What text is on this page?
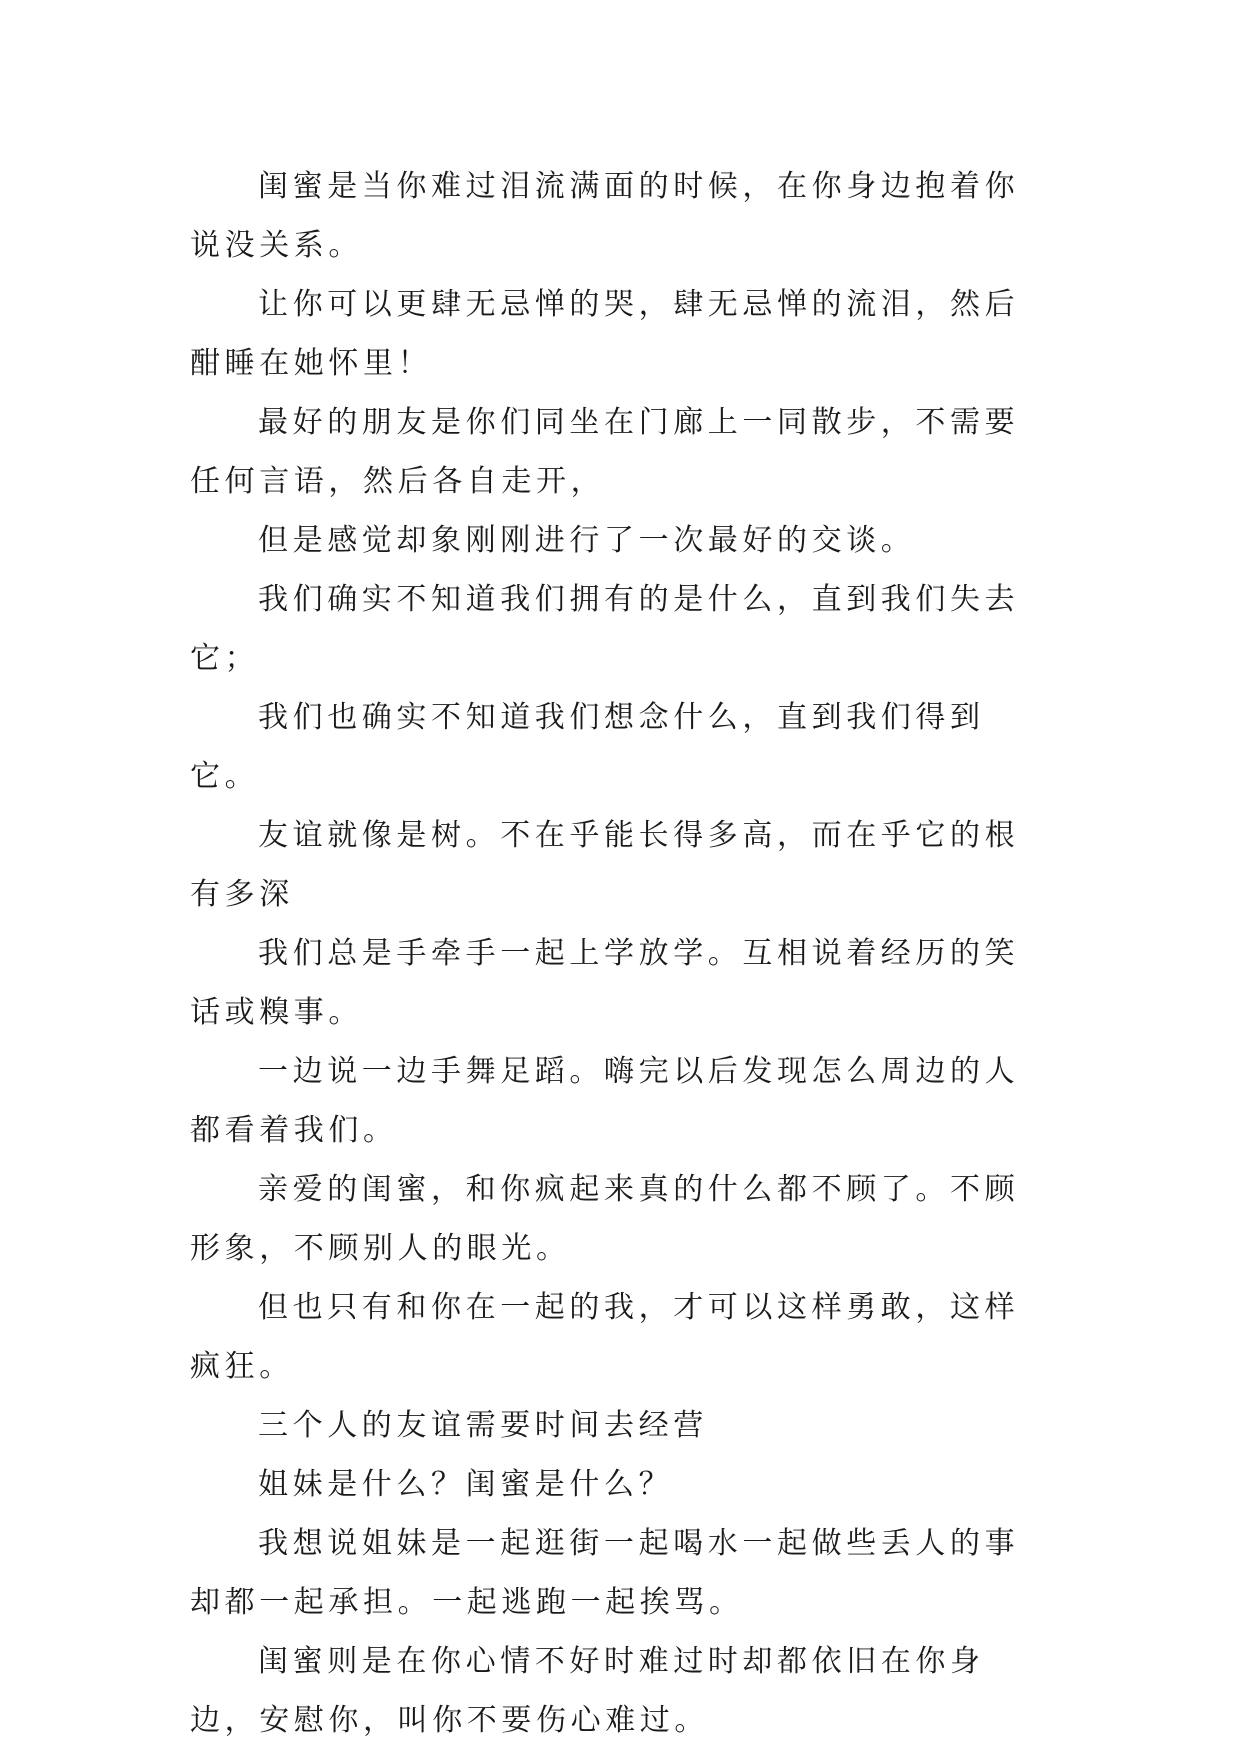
闺蜜是当你难过泪流满面的时候，在你身边抱着你说没关系。

让你可以更肆无忌惮的哭，肆无忌惮的流泪，然后酣睡在她怀里！

最好的朋友是你们同坐在门廊上一同散步，不需要任何言语，然后各自走开，

但是感觉却象刚刚进行了一次最好的交谈。

我们确实不知道我们拥有的是什么，直到我们失去它；

我们也确实不知道我们想念什么，直到我们得到它。

友谊就像是树。不在乎能长得多高，而在乎它的根有多深

我们总是手牵手一起上学放学。互相说着经历的笑话或糗事。

一边说一边手舞足蹈。嗨完以后发现怎么周边的人都看着我们。

亲爱的闺蜜，和你疯起来真的什么都不顾了。不顾形象，不顾别人的眼光。

但也只有和你在一起的我，才可以这样勇敢，这样疯狂。

三个人的友谊需要时间去经营

姐妹是什么？闺蜜是什么？

我想说姐妹是一起逛街一起喝水一起做些丢人的事却都一起承担。一起逃跑一起挨骂。

闺蜜则是在你心情不好时难过时却都依旧在你身边，安慰你，叫你不要伤心难过。
